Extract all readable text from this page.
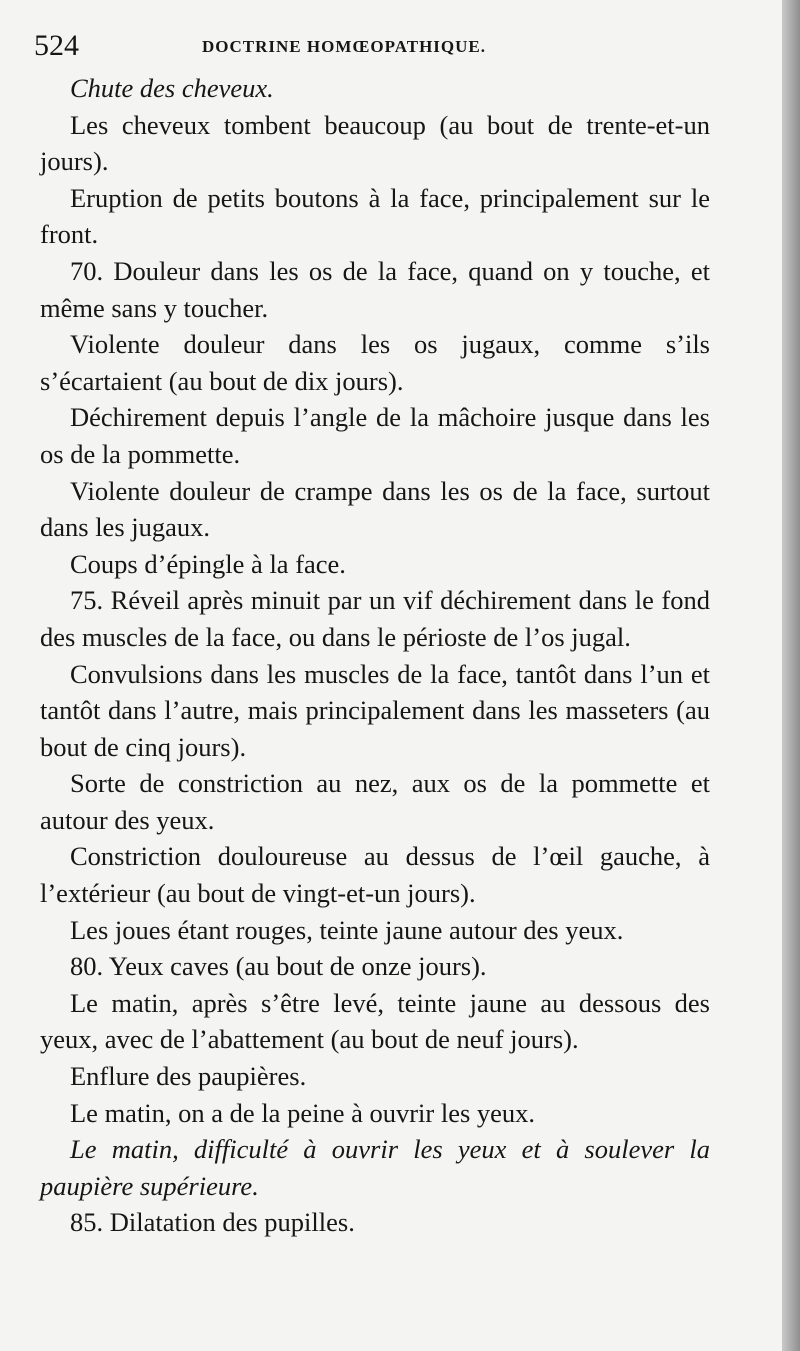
524	DOCTRINE HOMŒOPATHIQUE.

Chute des cheveux.

Les cheveux tombent beaucoup (au bout de trente-et-un jours).

Eruption de petits boutons à la face, principalement sur le front.

70. Douleur dans les os de la face, quand on y touche, et même sans y toucher.

Violente douleur dans les os jugaux, comme s’ils s’écartaient (au bout de dix jours).

Déchirement depuis l’angle de la mâchoire jusque dans les os de la pommette.

Violente douleur de crampe dans les os de la face, surtout dans les jugaux.

Coups d’épingle à la face.

75. Réveil après minuit par un vif déchirement dans le fond des muscles de la face, ou dans le périoste de l’os jugal.

Convulsions dans les muscles de la face, tantôt dans l’un et tantôt dans l’autre, mais principalement dans les masseters (au bout de cinq jours).

Sorte de constriction au nez, aux os de la pommette et autour des yeux.

Constriction douloureuse au dessus de l’œil gauche, à l’extérieur (au bout de vingt-et-un jours).

Les joues étant rouges, teinte jaune autour des yeux.

80. Yeux caves (au bout de onze jours).

Le matin, après s’être levé, teinte jaune au dessous des yeux, avec de l’abattement (au bout de neuf jours).

Enflure des paupières.

Le matin, on a de la peine à ouvrir les yeux.

Le matin, difficulté à ouvrir les yeux et à soulever la paupière supérieure.

85. Dilatation des pupilles.
